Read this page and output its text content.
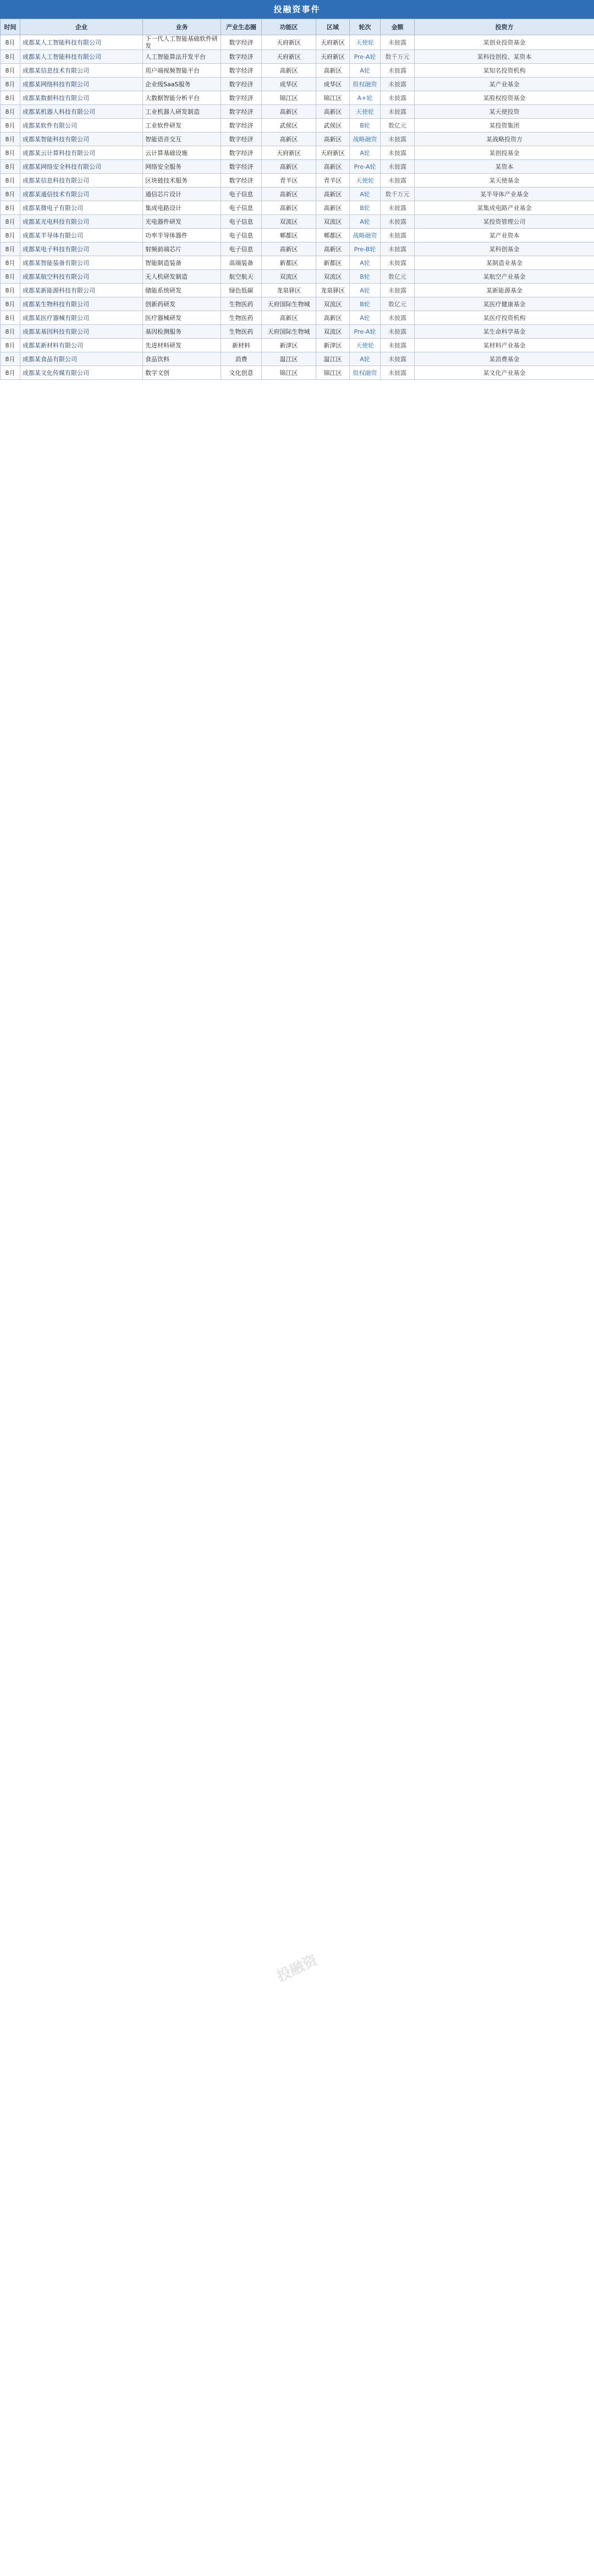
投融资事件
时间	企业	业务	产业生态圈	功能区	区域	轮次	金额	投资方
8月	成都某人工智能科技有限公司	下一代人工智能基础软件研发	数字经济	天府新区	天府新区	天使轮	未披露	某创业投资基金
8月	成都某人工智能科技有限公司	人工智能算法开发平台	数字经济	天府新区	天府新区	Pre-A轮	数千万元	某科技创投、某资本
8月	成都某信息技术有限公司	用户端视频智能平台	数字经济	高新区	高新区	A轮	未披露	某知名投资机构
8月	成都某网络科技有限公司	企业级SaaS服务	数字经济	成华区	成华区	股权融资	未披露	某产业基金
8月	成都某数据科技有限公司	大数据智能分析平台	数字经济	锦江区	锦江区	A+轮	未披露	某股权投资基金
8月	成都某机器人科技有限公司	工业机器人研发制造	数字经济	高新区	高新区	天使轮	未披露	某天使投资
8月	成都某软件有限公司	工业软件研发	数字经济	武侯区	武侯区	B轮	数亿元	某投资集团
8月	成都某智能科技有限公司	智能语音交互	数字经济	高新区	高新区	战略融资	未披露	某战略投资方
8月	成都某云计算科技有限公司	云计算基础设施	数字经济	天府新区	天府新区	A轮	未披露	某创投基金
8月	成都某网络安全科技有限公司	网络安全服务	数字经济	高新区	高新区	Pre-A轮	未披露	某资本
8月	成都某信息科技有限公司	区块链技术服务	数字经济	青羊区	青羊区	天使轮	未披露	某天使基金
8月	成都某通信技术有限公司	通信芯片设计	电子信息	高新区	高新区	A轮	数千万元	某半导体产业基金
8月	成都某微电子有限公司	集成电路设计	电子信息	高新区	高新区	B轮	未披露	某集成电路产业基金
8月	成都某光电科技有限公司	光电器件研发	电子信息	双流区	双流区	A轮	未披露	某投资管理公司
8月	成都某半导体有限公司	功率半导体器件	电子信息	郫都区	郫都区	战略融资	未披露	某产业资本
8月	成都某电子科技有限公司	射频前端芯片	电子信息	高新区	高新区	Pre-B轮	未披露	某科创基金
8月	成都某智能装备有限公司	智能制造装备	高端装备	新都区	新都区	A轮	未披露	某制造业基金
8月	成都某航空科技有限公司	无人机研发制造	航空航天	双流区	双流区	B轮	数亿元	某航空产业基金
8月	成都某新能源科技有限公司	储能系统研发	绿色低碳	龙泉驿区	龙泉驿区	A轮	未披露	某新能源基金
8月	成都某生物科技有限公司	创新药研发	生物医药	天府国际生物城	双流区	B轮	数亿元	某医疗健康基金
8月	成都某医疗器械有限公司	医疗器械研发	生物医药	高新区	高新区	A轮	未披露	某医疗投资机构
8月	成都某基因科技有限公司	基因检测服务	生物医药	天府国际生物城	双流区	Pre-A轮	未披露	某生命科学基金
8月	成都某新材料有限公司	先进材料研发	新材料	新津区	新津区	天使轮	未披露	某材料产业基金
8月	成都某食品有限公司	食品饮料	消费	温江区	温江区	A轮	未披露	某消费基金
8月	成都某文化传媒有限公司	数字文创	文化创意	锦江区	锦江区	股权融资	未披露	某文化产业基金
投融资
